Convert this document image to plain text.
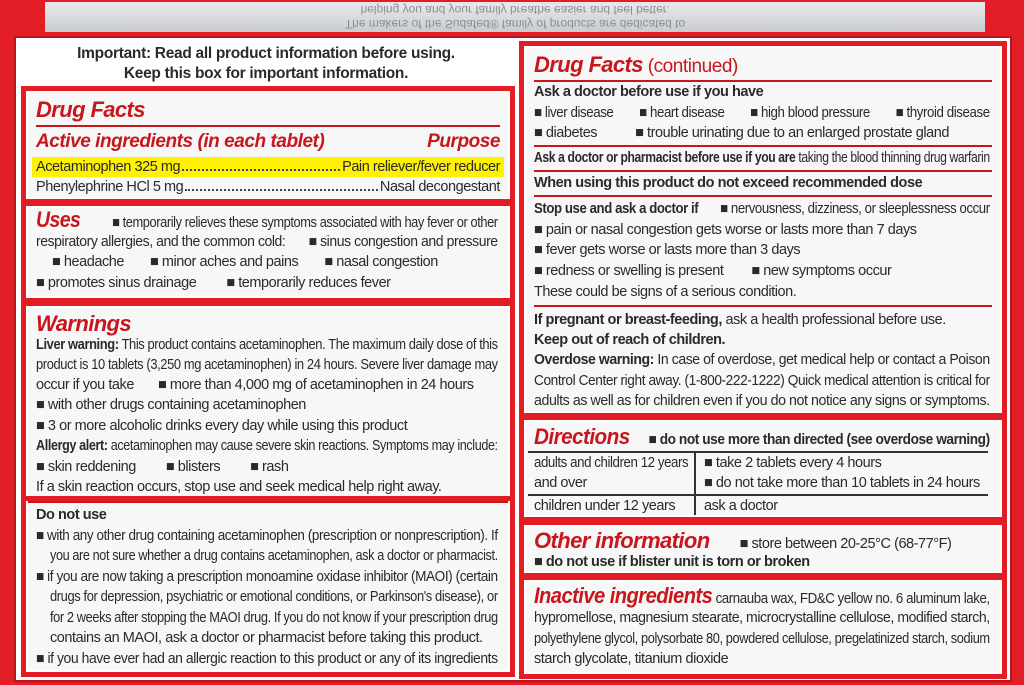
The makers of the Sudafed® family of products are dedicated to
helping you and your family breathe easier and feel better.
Important: Read all product information before using.
Keep this box for important information.
Drug Facts
Active ingredients (in each tablet)	Purpose
Acetaminophen 325 mg	Pain reliever/fever reducer
Phenylephrine HCl 5 mg	Nasal decongestant
Uses	■ temporarily relieves these symptoms associated with hay fever or other
respiratory allergies, and the common cold:	■ sinus congestion and pressure
■ headache	■ minor aches and pains	■ nasal congestion
■ promotes sinus drainage	■ temporarily reduces fever
Warnings
Liver warning: This product contains acetaminophen. The maximum daily dose of this
product is 10 tablets (3,250 mg acetaminophen) in 24 hours. Severe liver damage may
occur if you take	■ more than 4,000 mg of acetaminophen in 24 hours
■ with other drugs containing acetaminophen
■ 3 or more alcoholic drinks every day while using this product
Allergy alert: acetaminophen may cause severe skin reactions. Symptoms may include:
■ skin reddening	■ blisters	■ rash
If a skin reaction occurs, stop use and seek medical help right away.
Do not use
■ with any other drug containing acetaminophen (prescription or nonprescription). If
you are not sure whether a drug contains acetaminophen, ask a doctor or pharmacist.
■ if you are now taking a prescription monoamine oxidase inhibitor (MAOI) (certain
drugs for depression, psychiatric or emotional conditions, or Parkinson's disease), or
for 2 weeks after stopping the MAOI drug. If you do not know if your prescription drug
contains an MAOI, ask a doctor or pharmacist before taking this product.
■ if you have ever had an allergic reaction to this product or any of its ingredients
Drug Facts (continued)
Ask a doctor before use if you have
■ liver disease	■ heart disease	■ high blood pressure	■ thyroid disease
■ diabetes	■ trouble urinating due to an enlarged prostate gland
Ask a doctor or pharmacist before use if you are taking the blood thinning drug warfarin
When using this product do not exceed recommended dose
Stop use and ask a doctor if	■ nervousness, dizziness, or sleeplessness occur
■ pain or nasal congestion gets worse or lasts more than 7 days
■ fever gets worse or lasts more than 3 days
■ redness or swelling is present	■ new symptoms occur
These could be signs of a serious condition.
If pregnant or breast-feeding, ask a health professional before use.
Keep out of reach of children.
Overdose warning: In case of overdose, get medical help or contact a Poison
Control Center right away. (1-800-222-1222) Quick medical attention is critical for
adults as well as for children even if you do not notice any signs or symptoms.
Directions	■ do not use more than directed (see overdose warning)
adults and children 12 years
and over
■ take 2 tablets every 4 hours
■ do not take more than 10 tablets in 24 hours
children under 12 years ask a doctor
Other information	■ store between 20-25°C (68-77°F)
■ do not use if blister unit is torn or broken
Inactive ingredients carnauba wax, FD&C yellow no. 6 aluminum lake,
hypromellose, magnesium stearate, microcrystalline cellulose, modified starch,
polyethylene glycol, polysorbate 80, powdered cellulose, pregelatinized starch, sodium
starch glycolate, titanium dioxide
